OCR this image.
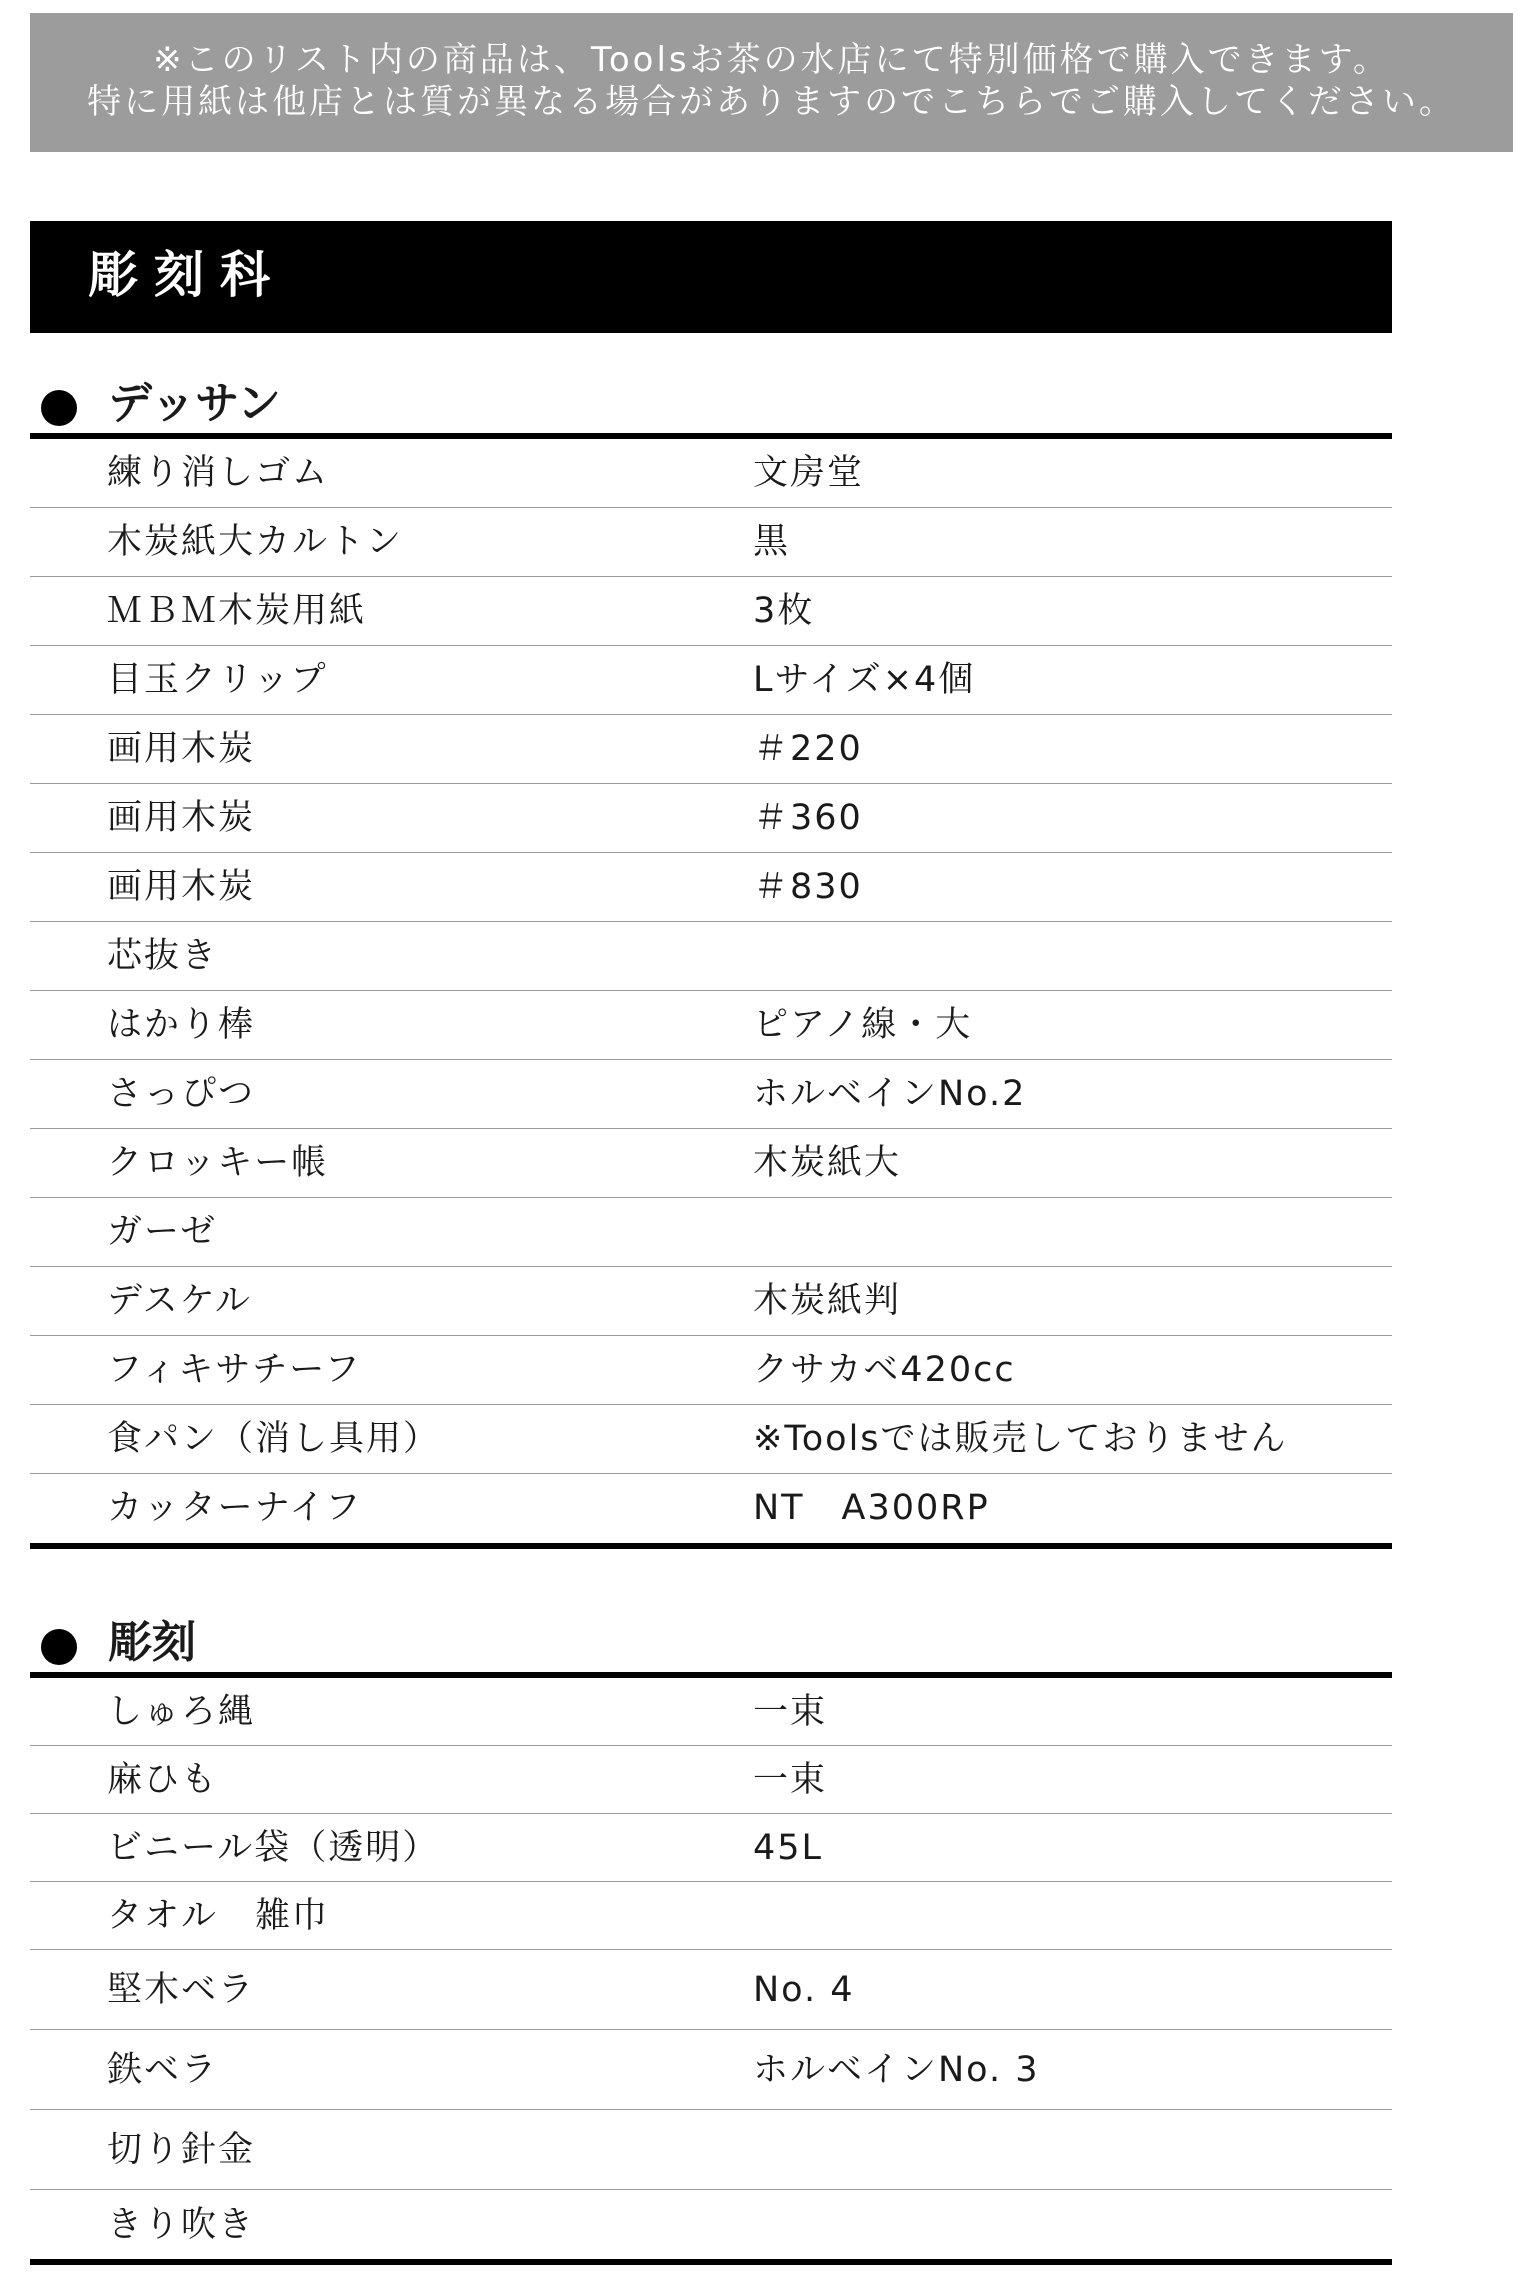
※このリスト内の商品は、Toolsお茶の水店にて特別価格で購入できます。

特に用紙は他店とは質が異なる場合がありますのでこちらでご購入してください。

彫刻科
デッサン
練り消しゴム	文房堂
木炭紙大カルトン	黒
ＭＢＭ木炭用紙	3枚
目玉クリップ	Lサイズ×4個
画用木炭	＃220
画用木炭	＃360
画用木炭	＃830
芯抜き
はかり棒	ピアノ線・大
さっぴつ	ホルベインNo.2
クロッキー帳	木炭紙大
ガーゼ
デスケル	木炭紙判
フィキサチーフ	クサカベ420cc
食パン（消し具用）	※Toolsでは販売しておりません
カッターナイフ	NT　A300RP
彫刻
しゅろ縄	一束
麻ひも	一束
ビニール袋（透明）	45L
タオル　雑巾
堅木ベラ	No. 4
鉄ベラ	ホルベインNo. 3
切り針金
きり吹き
